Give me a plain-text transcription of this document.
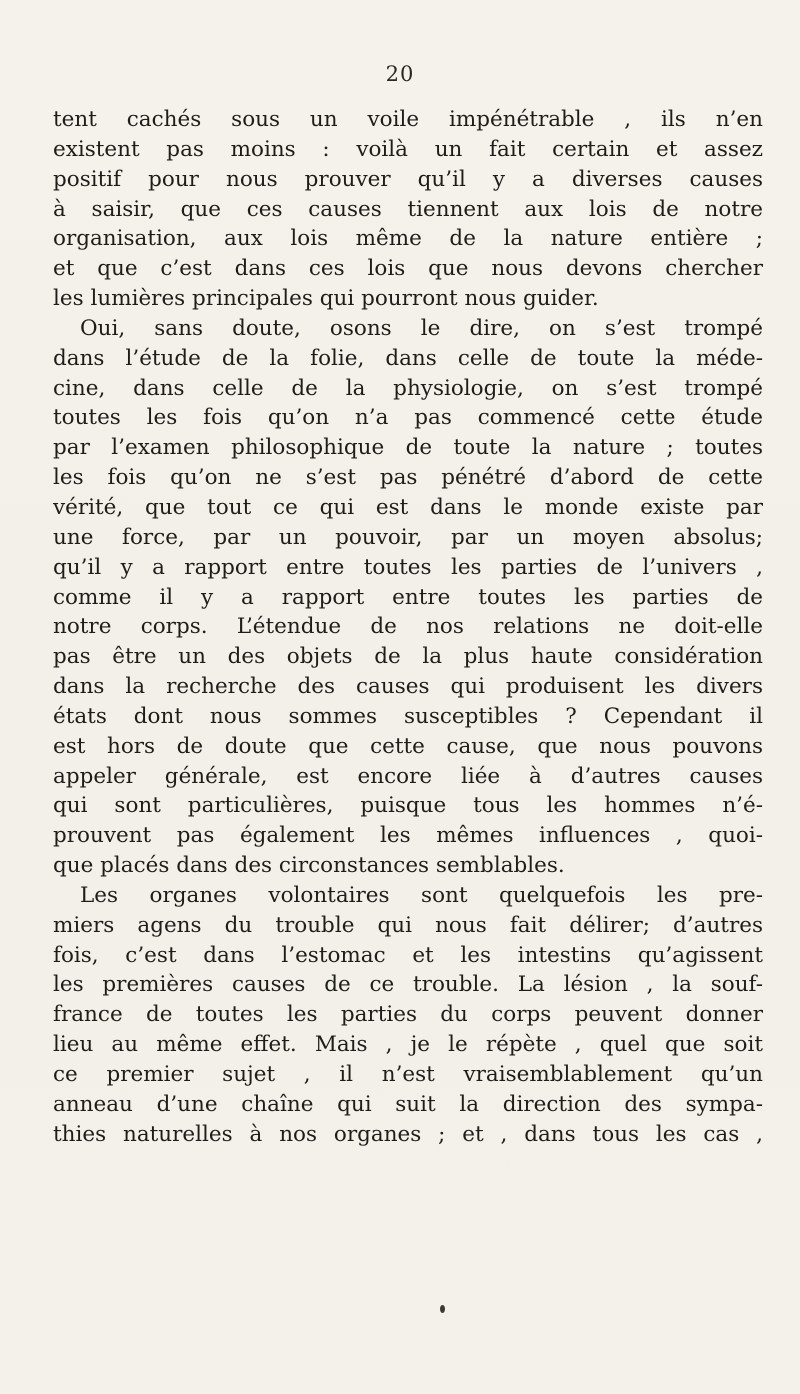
20
tent cachés sous un voile impénétrable , ils n’en
existent pas moins : voilà un fait certain et assez
positif pour nous prouver qu’il y a diverses causes
à saisir, que ces causes tiennent aux lois de notre
organisation, aux lois même de la nature entière ;
et que c’est dans ces lois que nous devons chercher
les lumières principales qui pourront nous guider.
Oui, sans doute, osons le dire, on s’est trompé
dans l’étude de la folie, dans celle de toute la méde-
cine, dans celle de la physiologie, on s’est trompé
toutes les fois qu’on n’a pas commencé cette étude
par l’examen philosophique de toute la nature ; toutes
les fois qu’on ne s’est pas pénétré d’abord de cette
vérité, que tout ce qui est dans le monde existe par
une force, par un pouvoir, par un moyen absolus;
qu’il y a rapport entre toutes les parties de l’univers ,
comme il y a rapport entre toutes les parties de
notre corps. L’étendue de nos relations ne doit-elle
pas être un des objets de la plus haute considération
dans la recherche des causes qui produisent les divers
états dont nous sommes susceptibles ? Cependant il
est hors de doute que cette cause, que nous pouvons
appeler générale, est encore liée à d’autres causes
qui sont particulières, puisque tous les hommes n’é-
prouvent pas également les mêmes influences , quoi-
que placés dans des circonstances semblables.
Les organes volontaires sont quelquefois les pre-
miers agens du trouble qui nous fait délirer; d’autres
fois, c’est dans l’estomac et les intestins qu’agissent
les premières causes de ce trouble. La lésion , la souf-
france de toutes les parties du corps peuvent donner
lieu au même effet. Mais , je le répète , quel que soit
ce premier sujet , il n’est vraisemblablement qu’un
anneau d’une chaîne qui suit la direction des sympa-
thies naturelles à nos organes ; et , dans tous les cas ,
